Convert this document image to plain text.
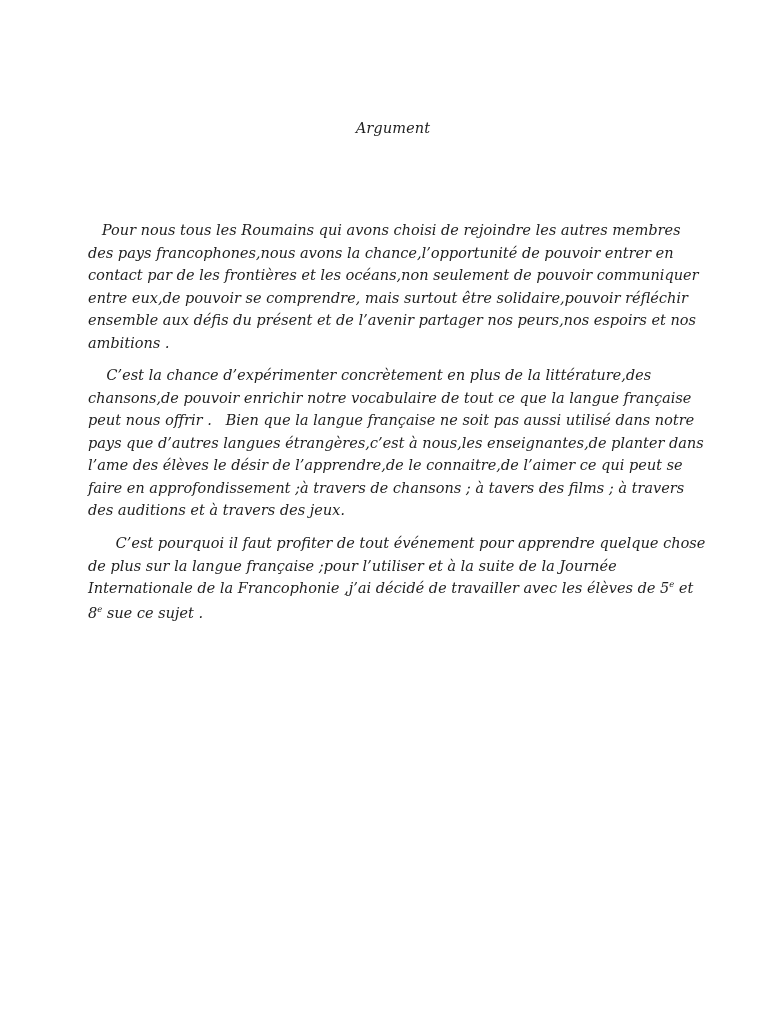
Argument
Pour nous tous les Roumains qui avons choisi de rejoindre les autres membres
des pays francophones,nous avons la chance,l’opportunité de pouvoir entrer en
contact par de les frontières et les océans,non seulement de pouvoir communiquer
entre eux,de pouvoir se comprendre, mais surtout être solidaire,pouvoir réfléchir
ensemble aux défis du présent et de l’avenir partager nos peurs,nos espoirs et nos
ambitions .
C’est la chance d’expérimenter concrètement en plus de la littérature,des
chansons,de pouvoir enrichir notre vocabulaire de tout ce que la langue française
peut nous offrir .   Bien que la langue française ne soit pas aussi utilisé dans notre
pays que d’autres langues étrangères,c’est à nous,les enseignantes,de planter dans
l’ame des élèves le désir de l’apprendre,de le connaitre,de l’aimer ce qui peut se
faire en approfondissement ;à travers de chansons ; à tavers des films ; à travers
des auditions et à travers des jeux.
C’est pourquoi il faut profiter de tout événement pour apprendre quelque chose
de plus sur la langue française ;pour l’utiliser et à la suite de la Journée
Internationale de la Francophonie ,j’ai décidé de travailler avec les élèves de 5e et
8e sue ce sujet .
